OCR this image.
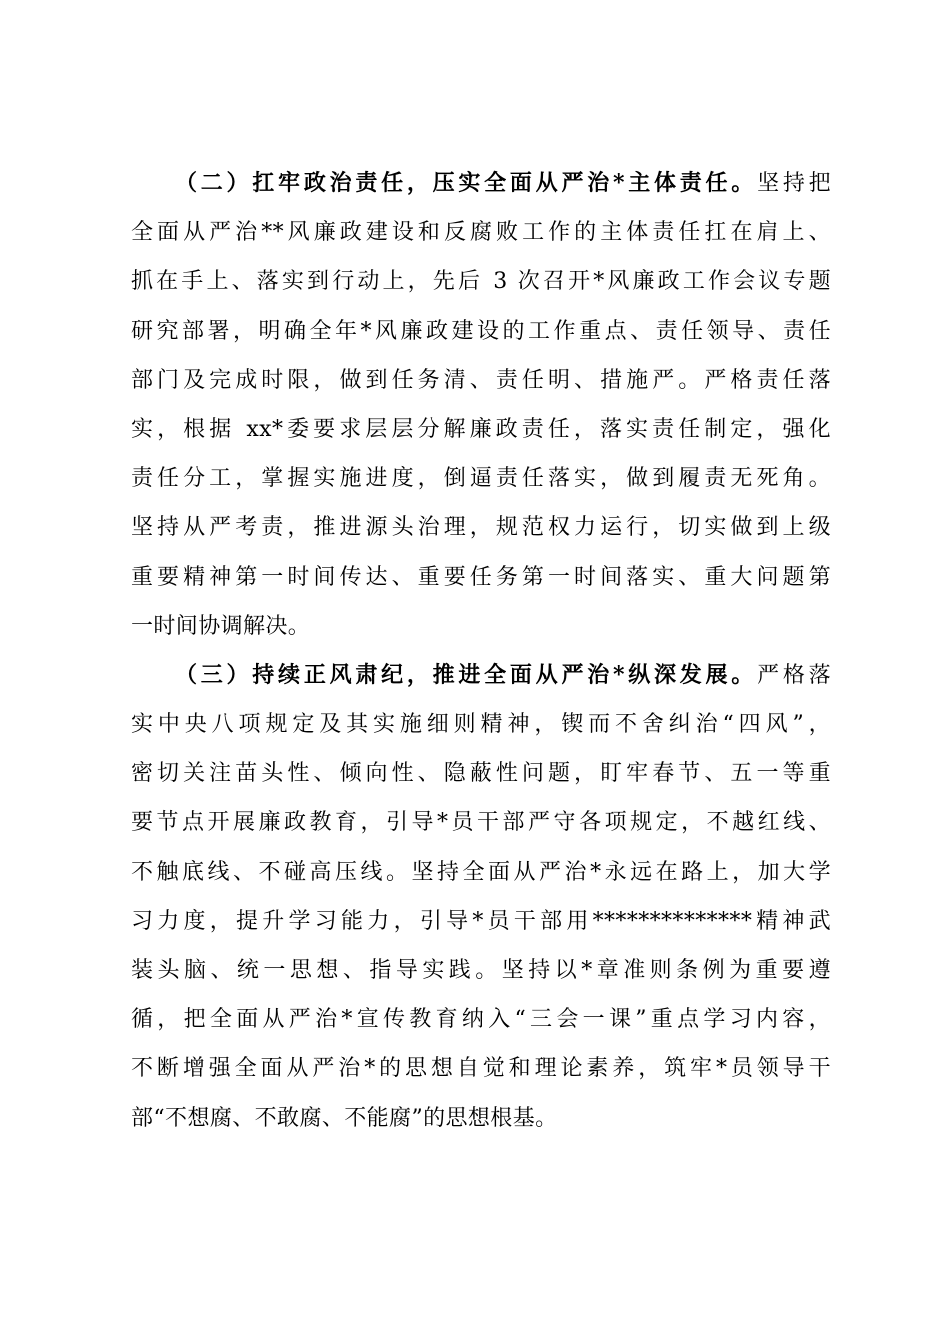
（二）扛牢政治责任，压实全面从严治*主体责任。坚持把
全面从严治**风廉政建设和反腐败工作的主体责任扛在肩上、
抓在手上、落实到行动上，先后 3 次召开*风廉政工作会议专题
研究部署，明确全年*风廉政建设的工作重点、责任领导、责任
部门及完成时限，做到任务清、责任明、措施严。严格责任落
实，根据 xx*委要求层层分解廉政责任，落实责任制定，强化
责任分工，掌握实施进度，倒逼责任落实，做到履责无死角。
坚持从严考责，推进源头治理，规范权力运行，切实做到上级
重要精神第一时间传达、重要任务第一时间落实、重大问题第
一时间协调解决。
（三）持续正风肃纪，推进全面从严治*纵深发展。严格落
实中央八项规定及其实施细则精神，锲而不舍纠治“四风”，
密切关注苗头性、倾向性、隐蔽性问题，盯牢春节、五一等重
要节点开展廉政教育，引导*员干部严守各项规定，不越红线、
不触底线、不碰高压线。坚持全面从严治*永远在路上，加大学
习力度，提升学习能力，引导*员干部用**************精神武
装头脑、统一思想、指导实践。坚持以*章准则条例为重要遵
循，把全面从严治*宣传教育纳入“三会一课”重点学习内容，
不断增强全面从严治*的思想自觉和理论素养，筑牢*员领导干
部“不想腐、不敢腐、不能腐”的思想根基。
